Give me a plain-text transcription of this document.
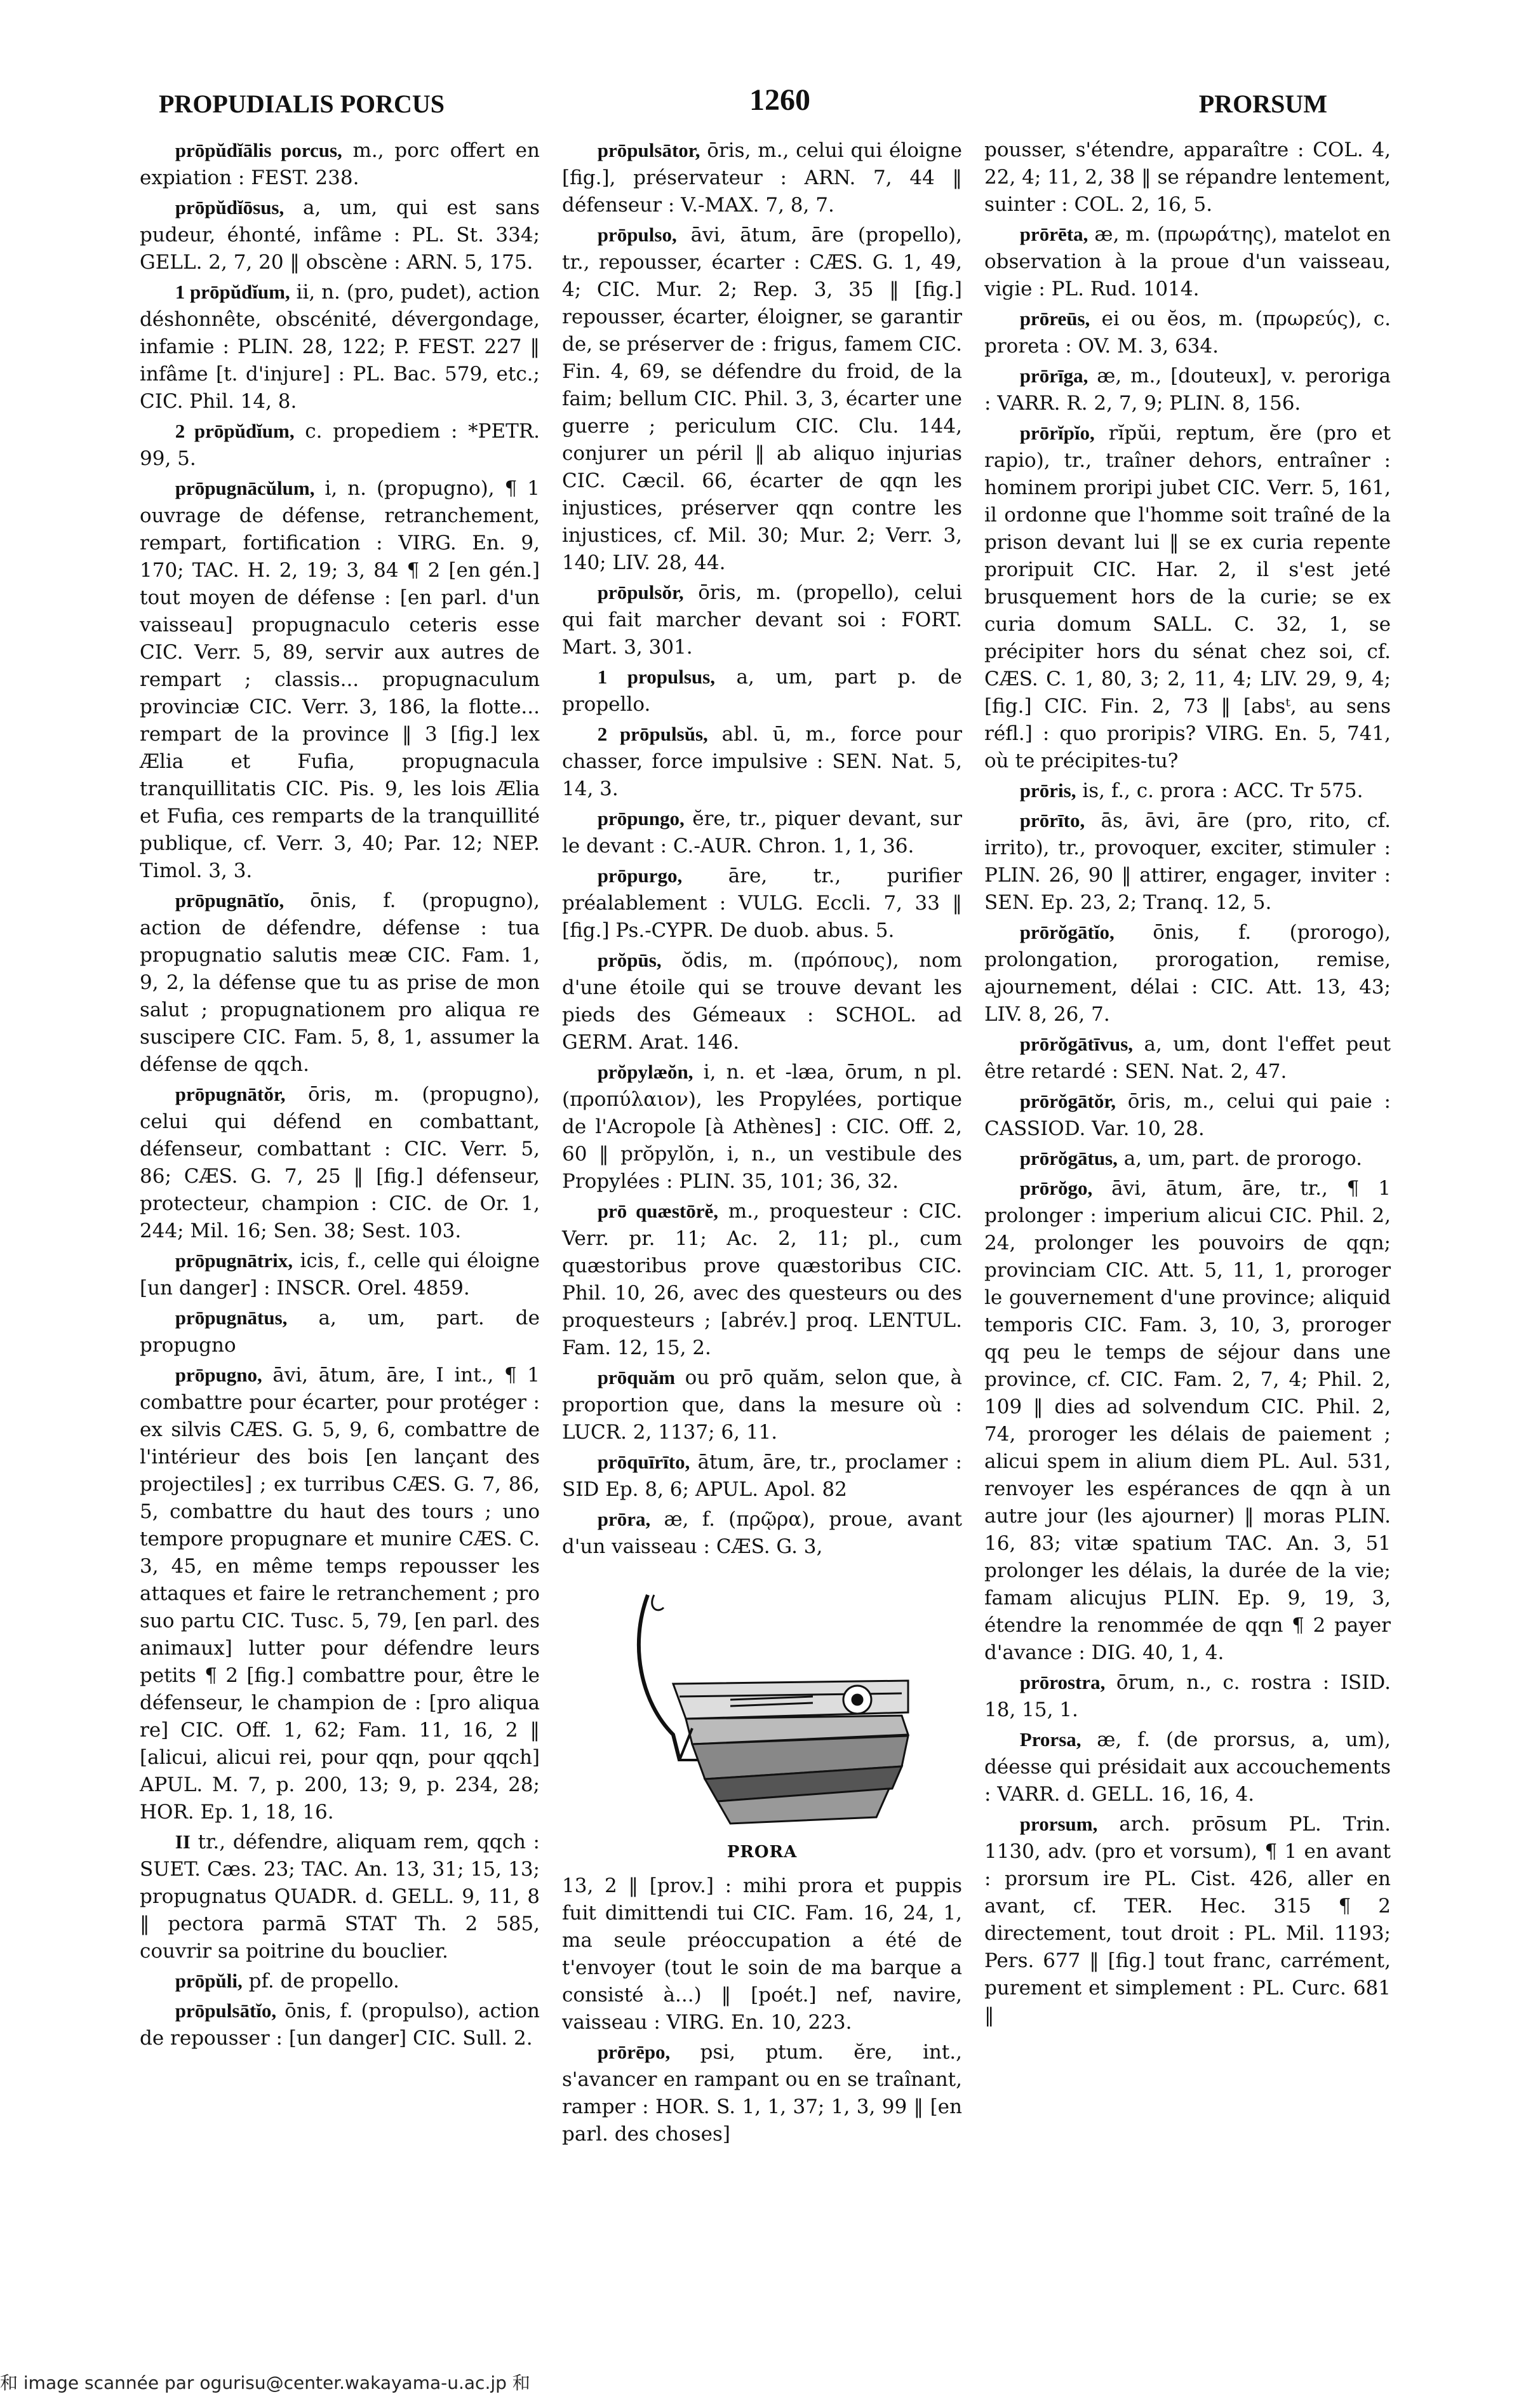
PROPUDIALIS PORCUS	1260	PRORSUM

prōpŭdĭālis porcus, m., porc offert en expiation : FEST. 238.

prōpŭdĭōsus, a, um, qui est sans pudeur, éhonté, infâme : PL. St. 334; GELL. 2, 7, 20 ‖ obscène : ARN. 5, 175.

1 prōpŭdĭum, ii, n. (pro, pudet), action déshonnête, obscénité, dévergondage, infamie : PLIN. 28, 122; P. FEST. 227 ‖ infâme [t. d'injure] : PL. Bac. 579, etc.; CIC. Phil. 14, 8.

2 prōpŭdĭum, c. propediem : *PETR. 99, 5.

prōpugnācŭlum, i, n. (propugno), ¶ 1 ouvrage de défense, retranchement, rempart, fortification : VIRG. En. 9, 170; TAC. H. 2, 19; 3, 84 ¶ 2 [en gén.] tout moyen de défense : [en parl. d'un vaisseau] propugnaculo ceteris esse CIC. Verr. 5, 89, servir aux autres de rempart ; classis... propugnaculum provinciæ CIC. Verr. 3, 186, la flotte... rempart de la province ‖ 3 [fig.] lex Ælia et Fufia, propugnacula tranquillitatis CIC. Pis. 9, les lois Ælia et Fufia, ces remparts de la tranquillité publique, cf. Verr. 3, 40; Par. 12; NEP. Timol. 3, 3.

prōpugnātĭo, ōnis, f. (propugno), action de défendre, défense : tua propugnatio salutis meæ CIC. Fam. 1, 9, 2, la défense que tu as prise de mon salut ; propugnationem pro aliqua re suscipere CIC. Fam. 5, 8, 1, assumer la défense de qqch.

prōpugnātŏr, ōris, m. (propugno), celui qui défend en combattant, défenseur, combattant : CIC. Verr. 5, 86; CÆS. G. 7, 25 ‖ [fig.] défenseur, protecteur, champion : CIC. de Or. 1, 244; Mil. 16; Sen. 38; Sest. 103.

prōpugnātrix, icis, f., celle qui éloigne [un danger] : INSCR. Orel. 4859.

prōpugnātus, a, um, part. de propugno

prōpugno, āvi, ātum, āre, I int., ¶ 1 combattre pour écarter, pour protéger : ex silvis CÆS. G. 5, 9, 6, combattre de l'intérieur des bois [en lançant des projectiles] ; ex turribus CÆS. G. 7, 86, 5, combattre du haut des tours ; uno tempore propugnare et munire CÆS. C. 3, 45, en même temps repousser les attaques et faire le retranchement ; pro suo partu CIC. Tusc. 5, 79, [en parl. des animaux] lutter pour défendre leurs petits ¶ 2 [fig.] combattre pour, être le défenseur, le champion de : [pro aliqua re] CIC. Off. 1, 62; Fam. 11, 16, 2 ‖ [alicui, alicui rei, pour qqn, pour qqch] APUL. M. 7, p. 200, 13; 9, p. 234, 28; HOR. Ep. 1, 18, 16.

II tr., défendre, aliquam rem, qqch : SUET. Cæs. 23; TAC. An. 13, 31; 15, 13; propugnatus QUADR. d. GELL. 9, 11, 8 ‖ pectora parmā STAT Th. 2 585, couvrir sa poitrine du bouclier.

prōpŭli, pf. de propello.

prōpulsātĭo, ōnis, f. (propulso), action de repousser : [un danger] CIC. Sull. 2.

prōpulsātor, ōris, m., celui qui éloigne [fig.], préservateur : ARN. 7, 44 ‖ défenseur : V.-MAX. 7, 8, 7.

prōpulso, āvi, ātum, āre (propello), tr., repousser, écarter : CÆS. G. 1, 49, 4; CIC. Mur. 2; Rep. 3, 35 ‖ [fig.] repousser, écarter, éloigner, se garantir de, se préserver de : frigus, famem CIC. Fin. 4, 69, se défendre du froid, de la faim; bellum CIC. Phil. 3, 3, écarter une guerre ; periculum CIC. Clu. 144, conjurer un péril ‖ ab aliquo injurias CIC. Cæcil. 66, écarter de qqn les injustices, préserver qqn contre les injustices, cf. Mil. 30; Mur. 2; Verr. 3, 140; LIV. 28, 44.

prōpulsŏr, ōris, m. (propello), celui qui fait marcher devant soi : FORT. Mart. 3, 301.

1 propulsus, a, um, part p. de propello.

2 prōpulsŭs, abl. ū, m., force pour chasser, force impulsive : SEN. Nat. 5, 14, 3.

prōpungo, ĕre, tr., piquer devant, sur le devant : C.-AUR. Chron. 1, 1, 36.

prōpurgo, āre, tr., purifier préalablement : VULG. Eccli. 7, 33 ‖ [fig.] Ps.-CYPR. De duob. abus. 5.

prŏpūs, ŏdis, m. (πρόπους), nom d'une étoile qui se trouve devant les pieds des Gémeaux : SCHOL. ad GERM. Arat. 146.

prŏpylæŏn, i, n. et -læa, ōrum, n pl. (προπύλαιον), les Propylées, portique de l'Acropole [à Athènes] : CIC. Off. 2, 60 ‖ prŏpylŏn, i, n., un vestibule des Propylées : PLIN. 35, 101; 36, 32.

prō quæstōrĕ, m., proquesteur : CIC. Verr. pr. 11; Ac. 2, 11; pl., cum quæstoribus prove quæstoribus CIC. Phil. 10, 26, avec des questeurs ou des proquesteurs ; [abrév.] proq. LENTUL. Fam. 12, 15, 2.

prōquăm ou prō quăm, selon que, à proportion que, dans la mesure où : LUCR. 2, 1137; 6, 11.

prōquīrīto, ātum, āre, tr., proclamer : SID Ep. 8, 6; APUL. Apol. 82

prōra, æ, f. (πρῷρα), proue, avant d'un vaisseau : CÆS. G. 3,

PRORA

13, 2 ‖ [prov.] : mihi prora et puppis fuit dimittendi tui CIC. Fam. 16, 24, 1, ma seule préoccupation a été de t'envoyer (tout le soin de ma barque a consisté à...) ‖ [poét.] nef, navire, vaisseau : VIRG. En. 10, 223.

prōrēpo, psi, ptum. ĕre, int., s'avancer en rampant ou en se traînant, ramper : HOR. S. 1, 1, 37; 1, 3, 99 ‖ [en parl. des choses]

pousser, s'étendre, apparaître : COL. 4, 22, 4; 11, 2, 38 ‖ se répandre lentement, suinter : COL. 2, 16, 5.

prōrēta, æ, m. (πρωράτης), matelot en observation à la proue d'un vaisseau, vigie : PL. Rud. 1014.

prōreūs, ei ou ĕos, m. (πρωρεύς), c. proreta : OV. M. 3, 634.

prōrīga, æ, m., [douteux], v. peroriga : VARR. R. 2, 7, 9; PLIN. 8, 156.

prōrĭpĭo, rĭpŭi, reptum, ĕre (pro et rapio), tr., traîner dehors, entraîner : hominem proripi jubet CIC. Verr. 5, 161, il ordonne que l'homme soit traîné de la prison devant lui ‖ se ex curia repente proripuit CIC. Har. 2, il s'est jeté brusquement hors de la curie; se ex curia domum SALL. C. 32, 1, se précipiter hors du sénat chez soi, cf. CÆS. C. 1, 80, 3; 2, 11, 4; LIV. 29, 9, 4; [fig.] CIC. Fin. 2, 73 ‖ [absᵗ, au sens réfl.] : quo proripis? VIRG. En. 5, 741, où te précipites-tu?

prōris, is, f., c. prora : ACC. Tr 575.

prōrīto, ās, āvi, āre (pro, rito, cf. irrito), tr., provoquer, exciter, stimuler : PLIN. 26, 90 ‖ attirer, engager, inviter : SEN. Ep. 23, 2; Tranq. 12, 5.

prōrŏgātĭo, ōnis, f. (prorogo), prolongation, prorogation, remise, ajournement, délai : CIC. Att. 13, 43; LIV. 8, 26, 7.

prōrŏgātīvus, a, um, dont l'effet peut être retardé : SEN. Nat. 2, 47.

prōrŏgātŏr, ōris, m., celui qui paie : CASSIOD. Var. 10, 28.

prōrŏgātus, a, um, part. de prorogo.

prōrŏgo, āvi, ātum, āre, tr., ¶ 1 prolonger : imperium alicui CIC. Phil. 2, 24, prolonger les pouvoirs de qqn; provinciam CIC. Att. 5, 11, 1, proroger le gouvernement d'une province; aliquid temporis CIC. Fam. 3, 10, 3, proroger qq peu le temps de séjour dans une province, cf. CIC. Fam. 2, 7, 4; Phil. 2, 109 ‖ dies ad solvendum CIC. Phil. 2, 74, proroger les délais de paiement ; alicui spem in alium diem PL. Aul. 531, renvoyer les espérances de qqn à un autre jour (les ajourner) ‖ moras PLIN. 16, 83; vitæ spatium TAC. An. 3, 51 prolonger les délais, la durée de la vie; famam alicujus PLIN. Ep. 9, 19, 3, étendre la renommée de qqn ¶ 2 payer d'avance : DIG. 40, 1, 4.

prōrostra, ōrum, n., c. rostra : ISID. 18, 15, 1.

Prorsa, æ, f. (de prorsus, a, um), déesse qui présidait aux accouchements : VARR. d. GELL. 16, 16, 4.

prorsum, arch. prōsum PL. Trin. 1130, adv. (pro et vorsum), ¶ 1 en avant : prorsum ire PL. Cist. 426, aller en avant, cf. TER. Hec. 315 ¶ 2 directement, tout droit : PL. Mil. 1193; Pers. 677 ‖ [fig.] tout franc, carrément, purement et simplement : PL. Curc. 681 ‖

和 image scannée par ogurisu@center.wakayama-u.ac.jp 和
